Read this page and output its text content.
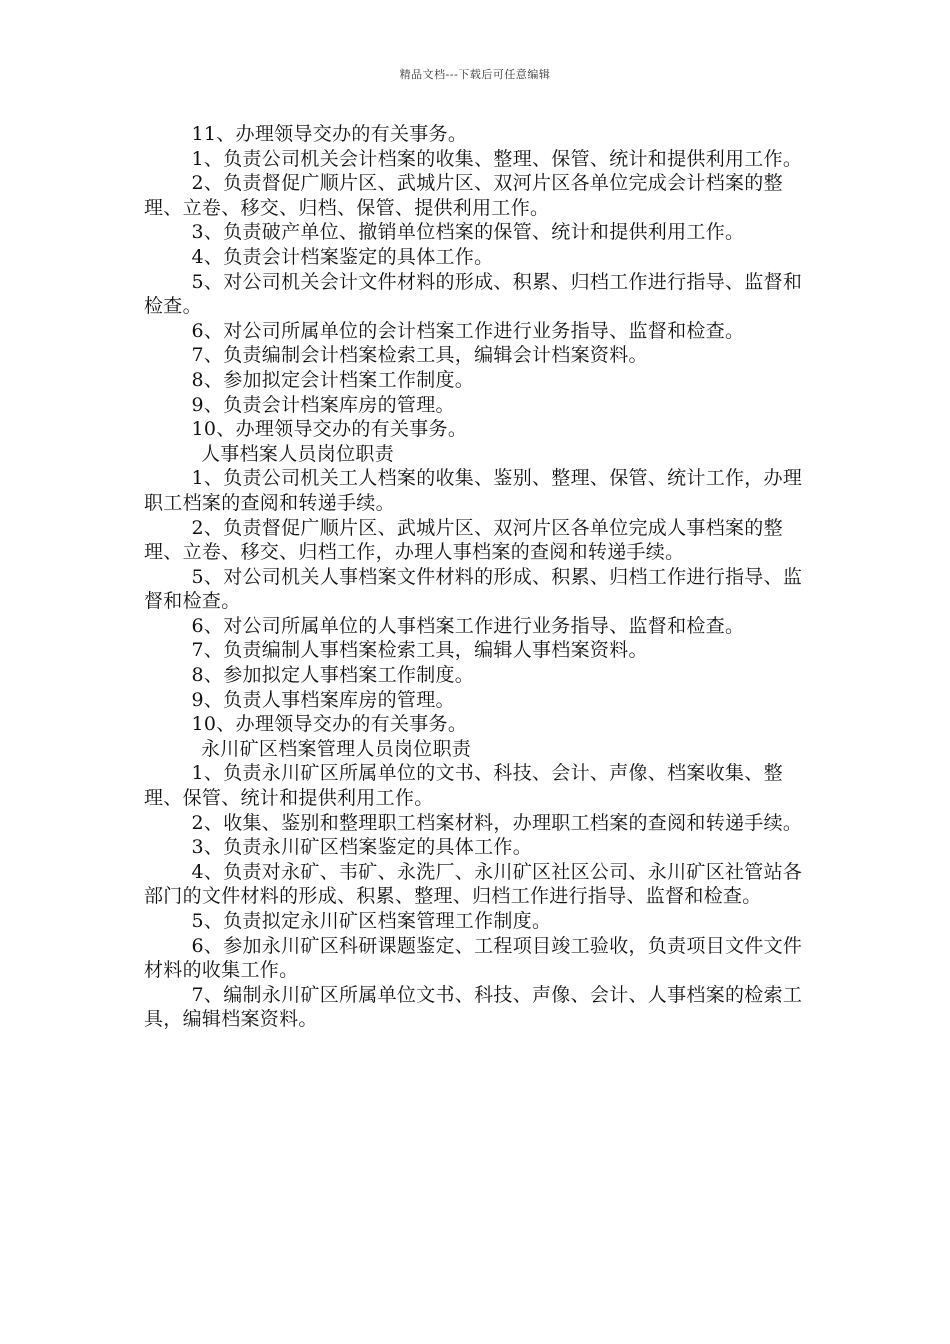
精品文档---下载后可任意编辑

11、办理领导交办的有关事务。

1、负责公司机关会计档案的收集、整理、保管、统计和提供利用工作。

2、负责督促广顺片区、武城片区、双河片区各单位完成会计档案的整理、立卷、移交、归档、保管、提供利用工作。

3、负责破产单位、撤销单位档案的保管、统计和提供利用工作。

4、负责会计档案鉴定的具体工作。

5、对公司机关会计文件材料的形成、积累、归档工作进行指导、监督和检查。

6、对公司所属单位的会计档案工作进行业务指导、监督和检查。

7、负责编制会计档案检索工具，编辑会计档案资料。

8、参加拟定会计档案工作制度。

9、负责会计档案库房的管理。

10、办理领导交办的有关事务。

人事档案人员岗位职责

1、负责公司机关工人档案的收集、鉴别、整理、保管、统计工作，办理职工档案的查阅和转递手续。

2、负责督促广顺片区、武城片区、双河片区各单位完成人事档案的整理、立卷、移交、归档工作，办理人事档案的查阅和转递手续。

5、对公司机关人事档案文件材料的形成、积累、归档工作进行指导、监督和检查。

6、对公司所属单位的人事档案工作进行业务指导、监督和检查。

7、负责编制人事档案检索工具，编辑人事档案资料。

8、参加拟定人事档案工作制度。

9、负责人事档案库房的管理。

10、办理领导交办的有关事务。

永川矿区档案管理人员岗位职责

1、负责永川矿区所属单位的文书、科技、会计、声像、档案收集、整理、保管、统计和提供利用工作。

2、收集、鉴别和整理职工档案材料，办理职工档案的查阅和转递手续。

3、负责永川矿区档案鉴定的具体工作。

4、负责对永矿、韦矿、永洗厂、永川矿区社区公司、永川矿区社管站各部门的文件材料的形成、积累、整理、归档工作进行指导、监督和检查。

5、负责拟定永川矿区档案管理工作制度。

6、参加永川矿区科研课题鉴定、工程项目竣工验收，负责项目文件文件材料的收集工作。

7、编制永川矿区所属单位文书、科技、声像、会计、人事档案的检索工具，编辑档案资料。
